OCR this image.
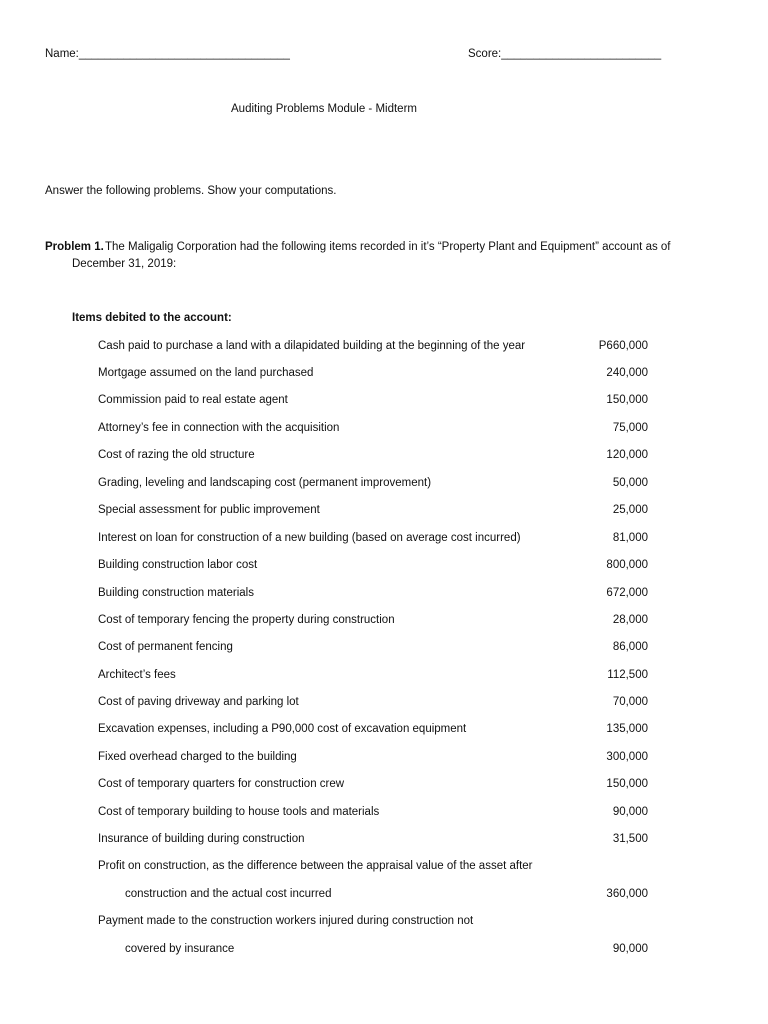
Name:_________________________________	Score:_________________________
Auditing Problems Module - Midterm
Answer the following problems. Show your computations.
Problem 1. The Maligalig Corporation had the following items recorded in it’s “Property Plant and Equipment” account as of
December 31, 2019:
Items debited to the account:
Cash paid to purchase a land with a dilapidated building at the beginning of the year	P660,000
Mortgage assumed on the land purchased	240,000
Commission paid to real estate agent	150,000
Attorney’s fee in connection with the acquisition	75,000
Cost of razing the old structure	120,000
Grading, leveling and landscaping cost (permanent improvement)	50,000
Special assessment for public improvement	25,000
Interest on loan for construction of a new building (based on average cost incurred)	81,000
Building construction labor cost	800,000
Building construction materials	672,000
Cost of temporary fencing the property during construction	28,000
Cost of permanent fencing	86,000
Architect’s fees	112,500
Cost of paving driveway and parking lot	70,000
Excavation expenses, including a P90,000 cost of excavation equipment	135,000
Fixed overhead charged to the building	300,000
Cost of temporary quarters for construction crew	150,000
Cost of temporary building to house tools and materials	90,000
Insurance of building during construction	31,500
Profit on construction, as the difference between the appraisal value of the asset after
construction and the actual cost incurred	360,000
Payment made to the construction workers injured during construction not
covered by insurance	90,000
